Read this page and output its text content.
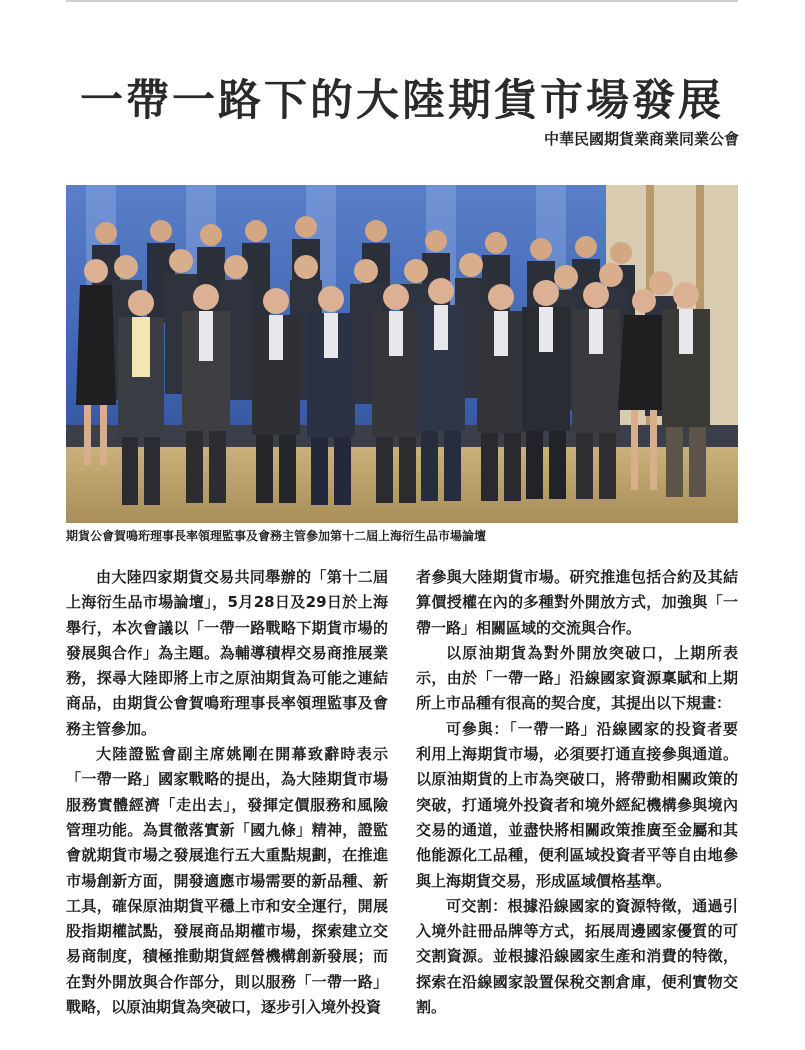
一帶一路下的大陸期貨市場發展
中華民國期貨業商業同業公會
期貨公會賀鳴珩理事長率領理監事及會務主管參加第十二屆上海衍生品市場論壇

由大陸四家期貨交易共同舉辦的「第十二屆上海衍生品市場論壇」，5月28日及29日於上海舉行，本次會議以「一帶一路戰略下期貨市場的發展與合作」為主題。為輔導積桿交易商推展業務，探尋大陸即將上市之原油期貨為可能之連結商品，由期貨公會賀鳴珩理事長率領理監事及會務主管參加。

大陸證監會副主席姚剛在開幕致辭時表示「一帶一路」國家戰略的提出，為大陸期貨市場服務實體經濟「走出去」，發揮定價服務和風險管理功能。為貫徹落實新「國九條」精神，證監會就期貨市場之發展進行五大重點規劃，在推進市場創新方面，開發適應市場需要的新品種、新工具，確保原油期貨平穩上市和安全運行，開展股指期權試點，發展商品期權市場，探索建立交易商制度，積極推動期貨經營機構創新發展；而在對外開放與合作部分，則以服務「一帶一路」戰略，以原油期貨為突破口，逐步引入境外投資

者參與大陸期貨市場。研究推進包括合約及其結算價授權在內的多種對外開放方式，加強與「一帶一路」相關區域的交流與合作。

以原油期貨為對外開放突破口，上期所表示，由於「一帶一路」沿線國家資源稟賦和上期所上市品種有很高的契合度，其提出以下規畫：

可參與：「一帶一路」沿線國家的投資者要利用上海期貨市場，必須要打通直接參與通道。以原油期貨的上市為突破口，將帶動相關政策的突破，打通境外投資者和境外經紀機構參與境內交易的通道，並盡快將相關政策推廣至金屬和其他能源化工品種，便利區域投資者平等自由地參與上海期貨交易，形成區域價格基準。

可交割：根據沿線國家的資源特徵，通過引入境外註冊品牌等方式，拓展周邊國家優質的可交割資源。並根據沿線國家生產和消費的特徵，探索在沿線國家設置保稅交割倉庫，便利實物交割。
